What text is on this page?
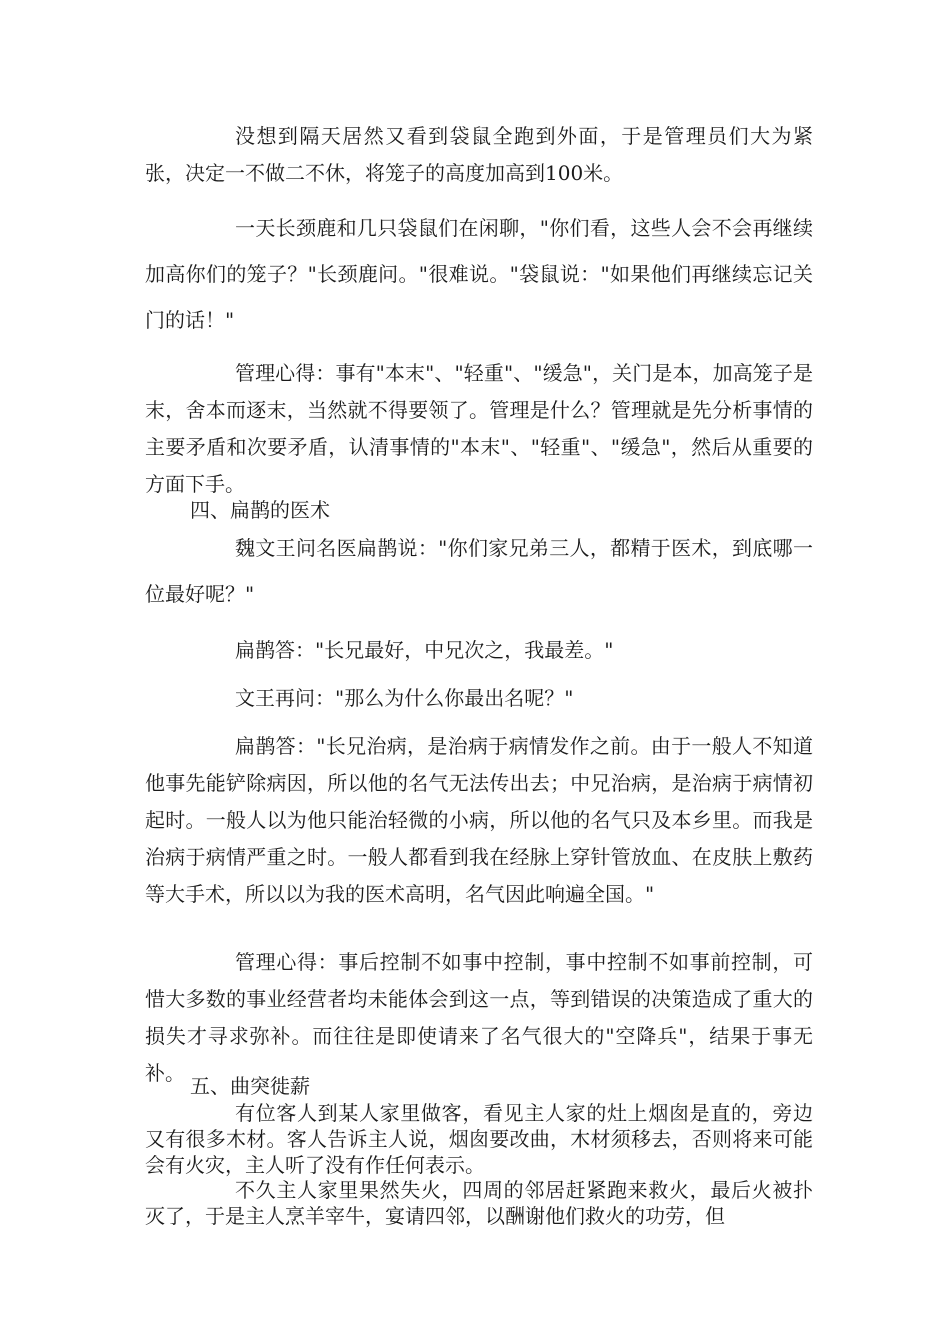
没想到隔天居然又看到袋鼠全跑到外面，于是管理员们大为紧张，决定一不做二不休，将笼子的高度加高到100米。

一天长颈鹿和几只袋鼠们在闲聊，"你们看，这些人会不会再继续加高你们的笼子？"长颈鹿问。"很难说。"袋鼠说："如果他们再继续忘记关门的话！"

管理心得：事有"本末"、"轻重"、"缓急"，关门是本，加高笼子是末，舍本而逐末，当然就不得要领了。管理是什么？管理就是先分析事情的主要矛盾和次要矛盾，认清事情的"本末"、"轻重"、"缓急"，然后从重要的方面下手。

四、扁鹊的医术

魏文王问名医扁鹊说："你们家兄弟三人，都精于医术，到底哪一位最好呢？"

扁鹊答："长兄最好，中兄次之，我最差。"

文王再问："那么为什么你最出名呢？"

扁鹊答："长兄治病，是治病于病情发作之前。由于一般人不知道他事先能铲除病因，所以他的名气无法传出去；中兄治病，是治病于病情初起时。一般人以为他只能治轻微的小病，所以他的名气只及本乡里。而我是治病于病情严重之时。一般人都看到我在经脉上穿针管放血、在皮肤上敷药等大手术，所以以为我的医术高明，名气因此响遍全国。"

管理心得：事后控制不如事中控制，事中控制不如事前控制，可惜大多数的事业经营者均未能体会到这一点，等到错误的决策造成了重大的损失才寻求弥补。而往往是即使请来了名气很大的"空降兵"，结果于事无补。

五、曲突徙薪

有位客人到某人家里做客，看见主人家的灶上烟囱是直的，旁边又有很多木材。客人告诉主人说，烟囱要改曲，木材须移去，否则将来可能会有火灾，主人听了没有作任何表示。

不久主人家里果然失火，四周的邻居赶紧跑来救火，最后火被扑灭了，于是主人烹羊宰牛，宴请四邻，以酬谢他们救火的功劳，但
